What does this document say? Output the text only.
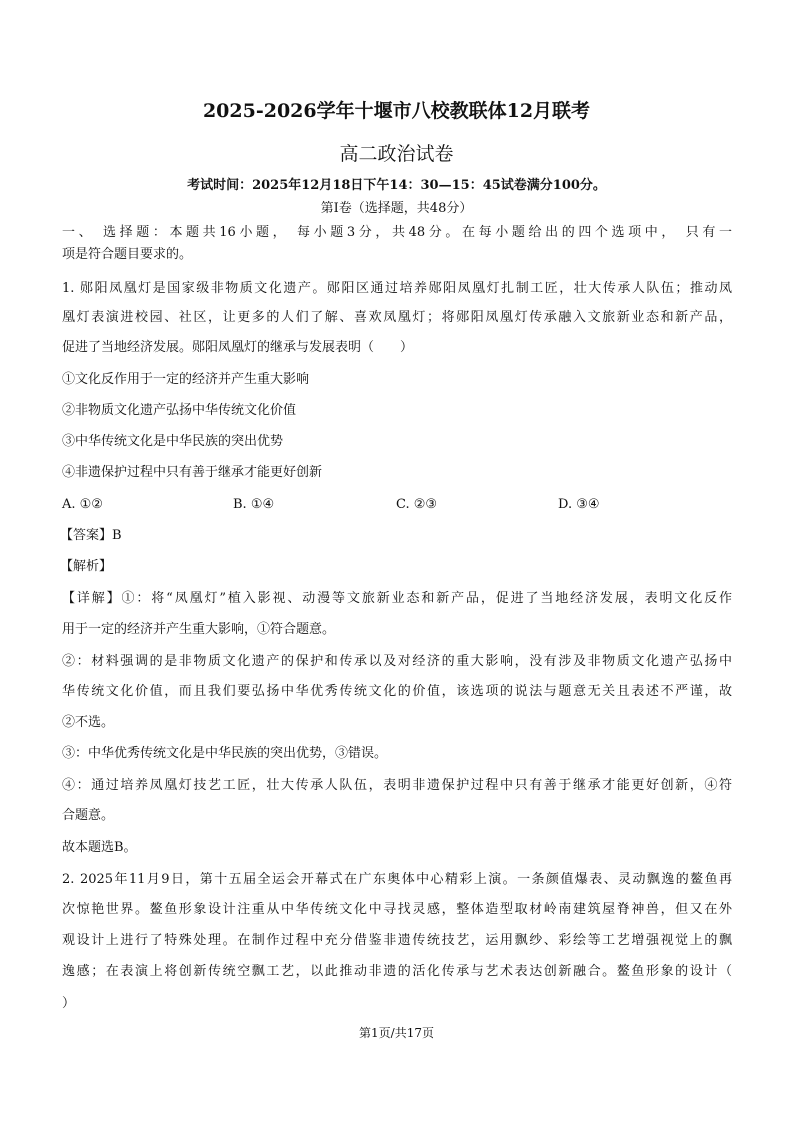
2025-2026学年十堰市八校教联体12月联考
高二政治试卷
考试时间：2025年12月18日下午14：30—15：45试卷满分100分。
第Ⅰ卷（选择题，共48分）
一、 选择题：本题共16小题， 每小题3分，共48分。在每小题给出的四个选项中， 只有一
项是符合题目要求的。
1. 郧阳凤凰灯是国家级非物质文化遗产。郧阳区通过培养郧阳凤凰灯扎制工匠，壮大传承人队伍；推动凤
凰灯表演进校园、社区，让更多的人们了解、喜欢凤凰灯；将郧阳凤凰灯传承融入文旅新业态和新产品，
促进了当地经济发展。郧阳凤凰灯的继承与发展表明（　　）
①文化反作用于一定的经济并产生重大影响
②非物质文化遗产弘扬中华传统文化价值
③中华传统文化是中华民族的突出优势
④非遗保护过程中只有善于继承才能更好创新
A. ①②	B. ①④	C. ②③	D. ③④
【答案】B
【解析】
【详解】①：将“凤凰灯”植入影视、动漫等文旅新业态和新产品，促进了当地经济发展，表明文化反作
用于一定的经济并产生重大影响，①符合题意。
②：材料强调的是非物质文化遗产的保护和传承以及对经济的重大影响，没有涉及非物质文化遗产弘扬中
华传统文化价值，而且我们要弘扬中华优秀传统文化的价值，该选项的说法与题意无关且表述不严谨，故
②不选。
③：中华优秀传统文化是中华民族的突出优势，③错误。
④：通过培养凤凰灯技艺工匠，壮大传承人队伍，表明非遗保护过程中只有善于继承才能更好创新，④符
合题意。
故本题选B。
2. 2025年11月9日，第十五届全运会开幕式在广东奥体中心精彩上演。一条颜值爆表、灵动飘逸的鳌鱼再
次惊艳世界。鳌鱼形象设计注重从中华传统文化中寻找灵感，整体造型取材岭南建筑屋脊神兽，但又在外
观设计上进行了特殊处理。在制作过程中充分借鉴非遗传统技艺，运用飘纱、彩绘等工艺增强视觉上的飘
逸感；在表演上将创新传统空飘工艺，以此推动非遗的活化传承与艺术表达创新融合。鳌鱼形象的设计（
）
第1页/共17页
